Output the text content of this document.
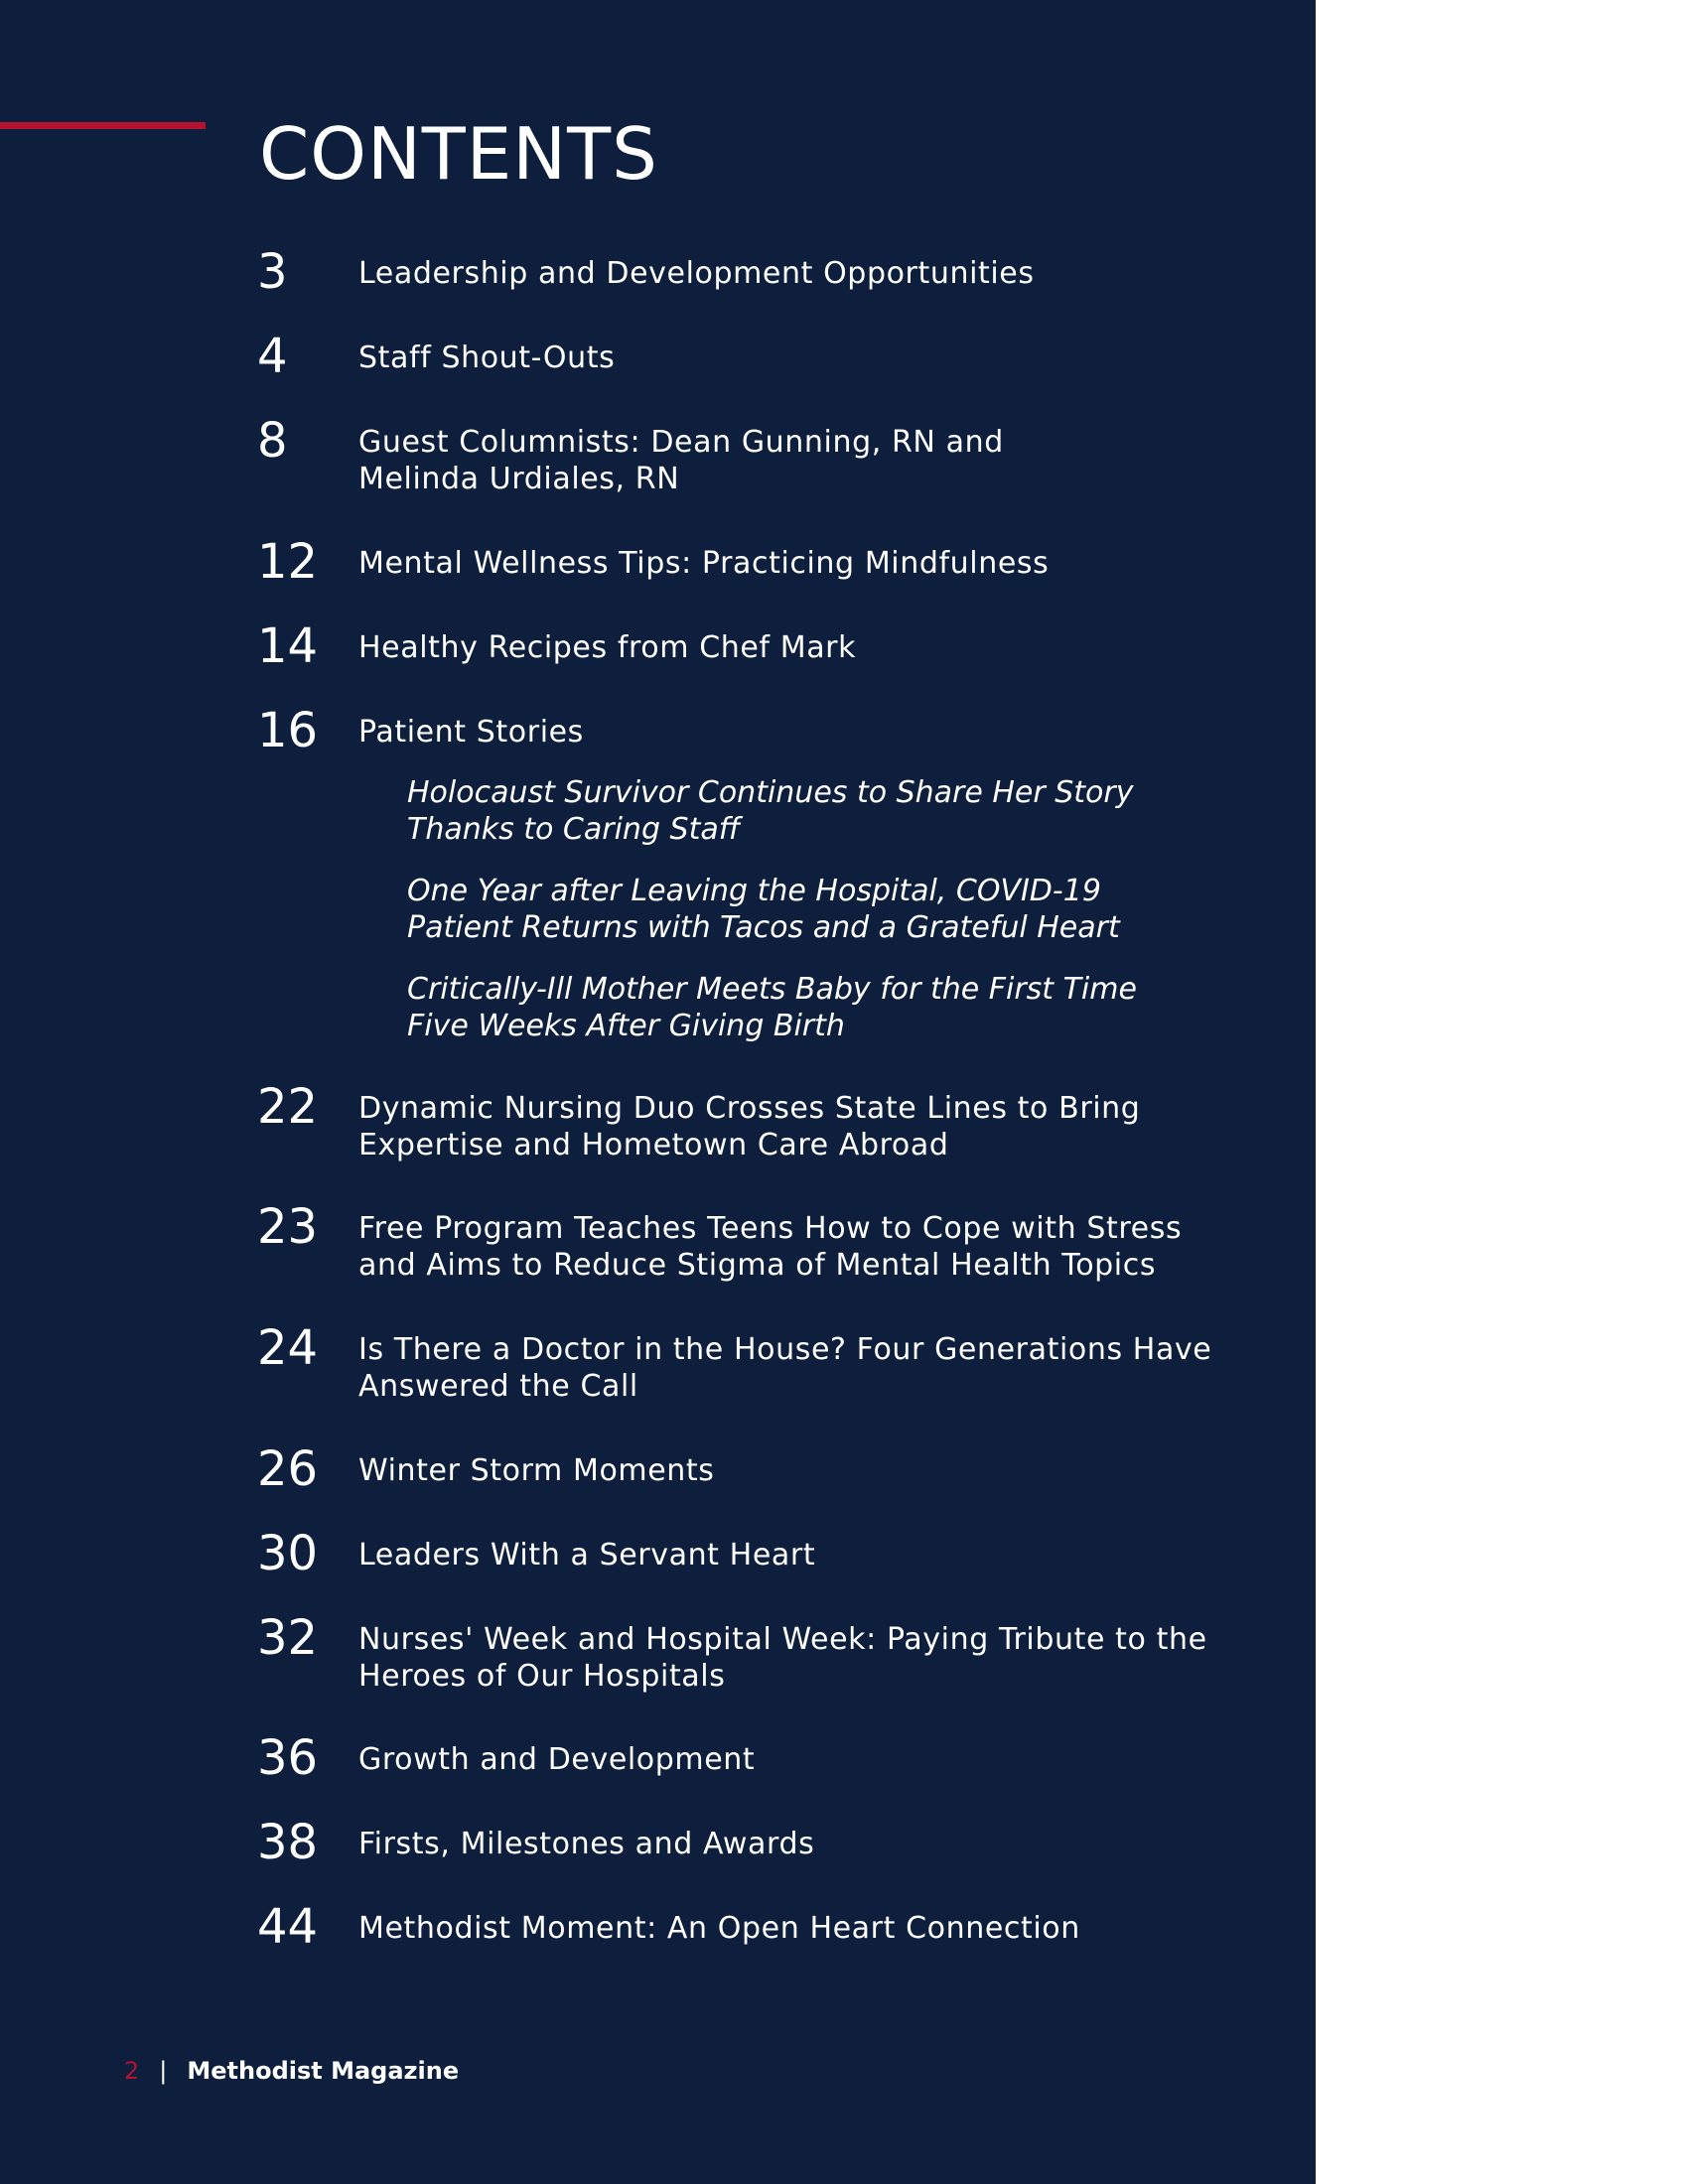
CONTENTS
3 Leadership and Development Opportunities
4 Staff Shout-Outs
8 Guest Columnists: Dean Gunning, RN and
Melinda Urdiales, RN
12 Mental Wellness Tips: Practicing Mindfulness
14 Healthy Recipes from Chef Mark
16 Patient Stories
Holocaust Survivor Continues to Share Her Story
Thanks to Caring Staff
One Year after Leaving the Hospital, COVID-19
Patient Returns with Tacos and a Grateful Heart
Critically-Ill Mother Meets Baby for the First Time
Five Weeks After Giving Birth
22 Dynamic Nursing Duo Crosses State Lines to Bring
Expertise and Hometown Care Abroad
23 Free Program Teaches Teens How to Cope with Stress
and Aims to Reduce Stigma of Mental Health Topics
24 Is There a Doctor in the House? Four Generations Have
Answered the Call
26 Winter Storm Moments
30 Leaders With a Servant Heart
32 Nurses' Week and Hospital Week: Paying Tribute to the
Heroes of Our Hospitals
36 Growth and Development
38 Firsts, Milestones and Awards
44 Methodist Moment: An Open Heart Connection
2 | Methodist Magazine
